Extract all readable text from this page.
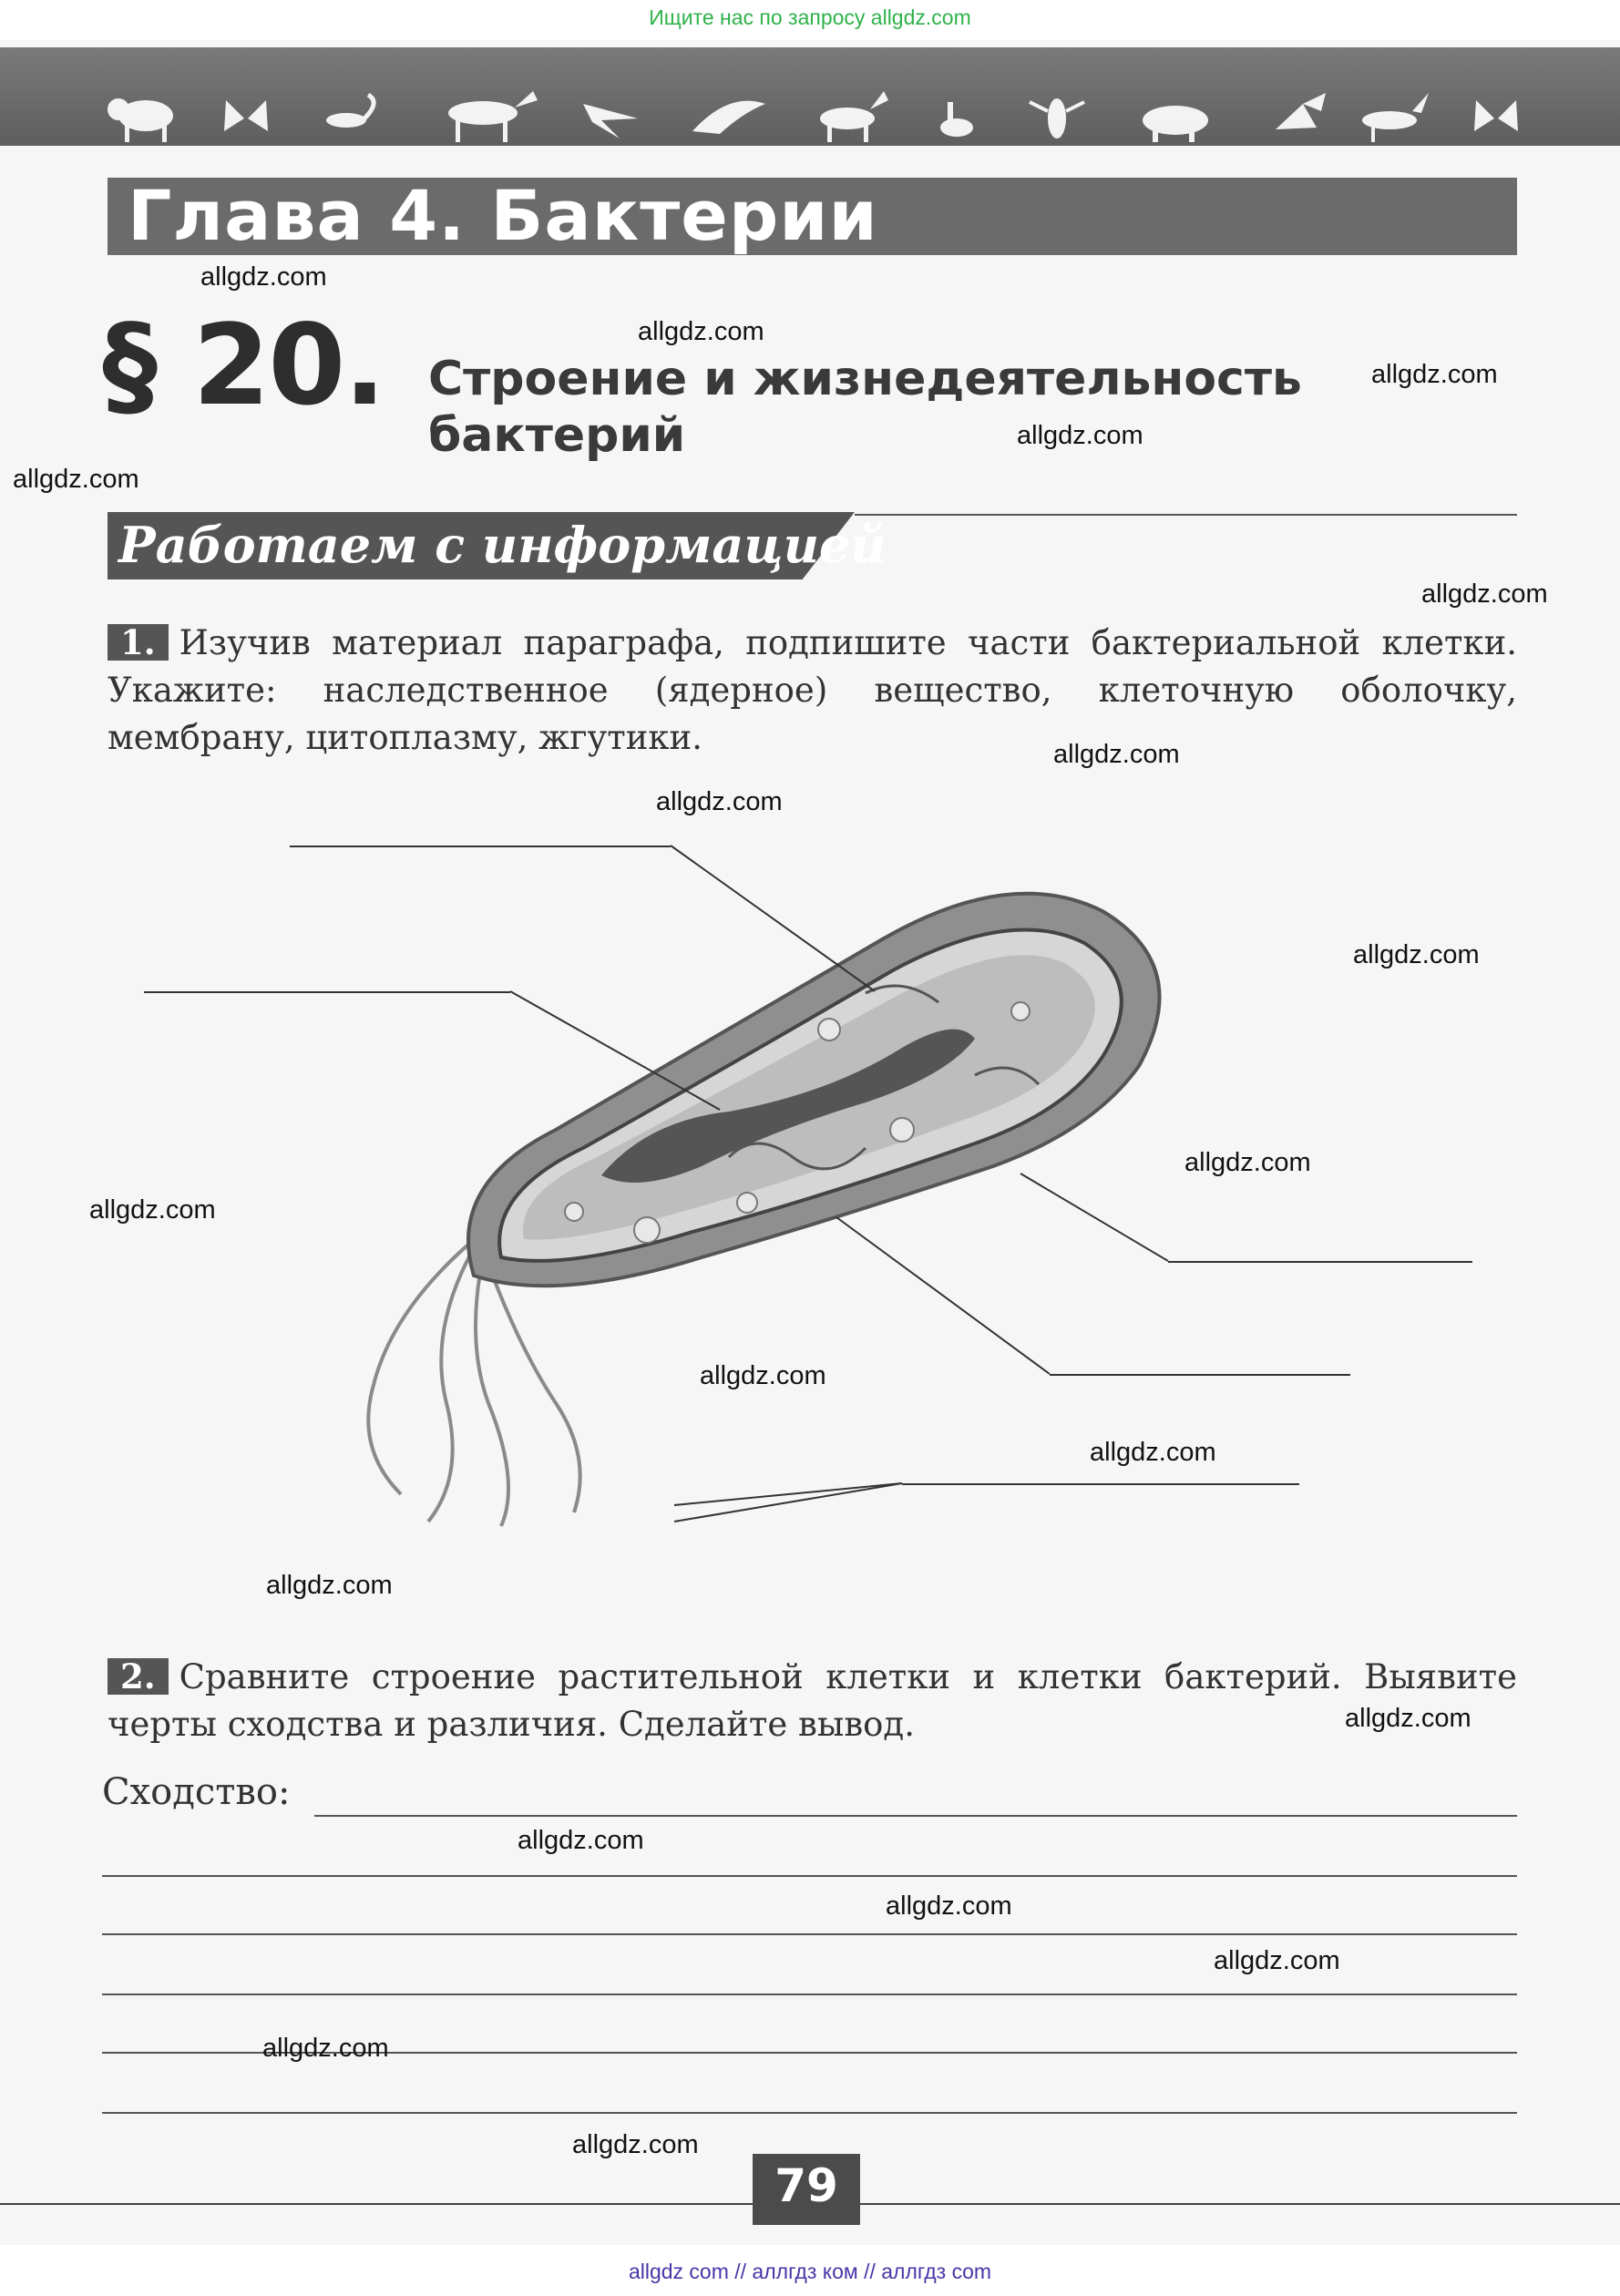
Ищите нас по запросу allgdz.com
Глава 4. Бактерии
§ 20. Строение и жизнедеятельность
бактерий
Работаем с информацией
1. Изучив материал параграфа, подпишите части бактериальной клетки. Укажите: наследственное (ядерное) вещество, клеточную оболочку, мембрану, цитоплазму, жгутики.
2. Сравните строение растительной клетки и клетки бактерий. Выявите черты сходства и различия. Сделайте вывод.
Сходство:
79
allgdz.com
allgdz.com
allgdz.com
allgdz.com
allgdz.com
allgdz.com
allgdz.com
allgdz.com
allgdz.com
allgdz.com
allgdz.com
allgdz.com
allgdz.com
allgdz.com
allgdz.com
allgdz.com
allgdz.com
allgdz.com
allgdz.com
allgdz.com
allgdz com // аллгдз ком // аллгдз com
